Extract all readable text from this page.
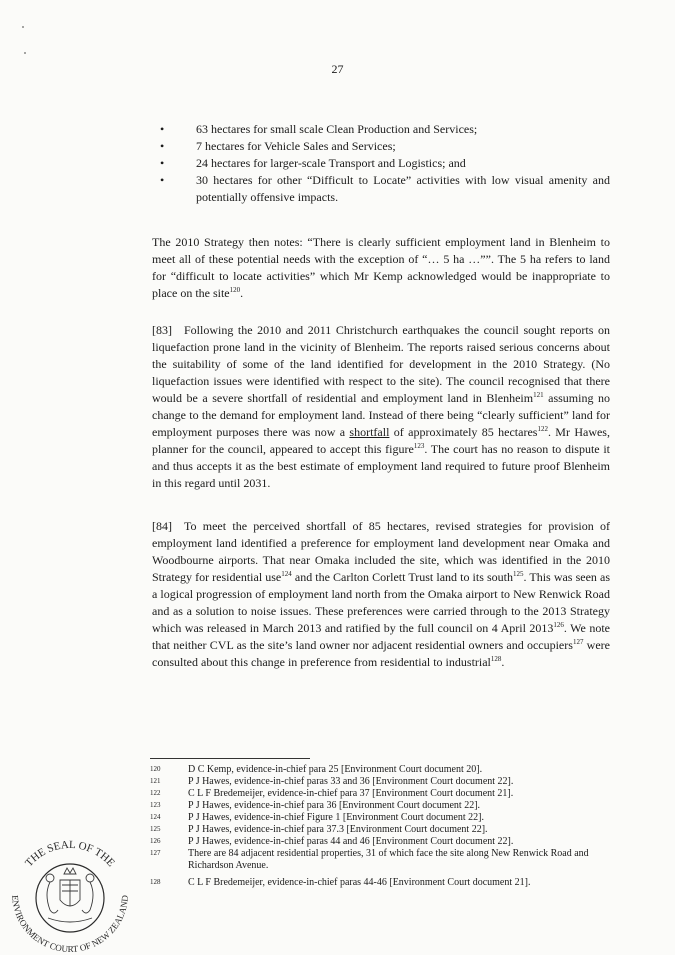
27
• 63 hectares for small scale Clean Production and Services;
• 7 hectares for Vehicle Sales and Services;
• 24 hectares for larger-scale Transport and Logistics; and
• 30 hectares for other “Difficult to Locate” activities with low visual amenity and potentially offensive impacts.

The 2010 Strategy then notes: “There is clearly sufficient employment land in Blenheim to meet all of these potential needs with the exception of “… 5 ha …””. The 5 ha refers to land for “difficult to locate activities” which Mr Kemp acknowledged would be inappropriate to place on the site$^{120}$.

[83] Following the 2010 and 2011 Christchurch earthquakes the council sought reports on liquefaction prone land in the vicinity of Blenheim. The reports raised serious concerns about the suitability of some of the land identified for development in the 2010 Strategy. (No liquefaction issues were identified with respect to the site). The council recognised that there would be a severe shortfall of residential and employment land in Blenheim$^{121}$ assuming no change to the demand for employment land. Instead of there being “clearly sufficient” land for employment purposes there was now a shortfall of approximately 85 hectares$^{122}$. Mr Hawes, planner for the council, appeared to accept this figure$^{123}$. The court has no reason to dispute it and thus accepts it as the best estimate of employment land required to future proof Blenheim in this regard until 2031.

[84] To meet the perceived shortfall of 85 hectares, revised strategies for provision of employment land identified a preference for employment land development near Omaka and Woodbourne airports. That near Omaka included the site, which was identified in the 2010 Strategy for residential use$^{124}$ and the Carlton Corlett Trust land to its south$^{125}$. This was seen as a logical progression of employment land north from the Omaka airport to New Renwick Road and as a solution to noise issues. These preferences were carried through to the 2013 Strategy which was released in March 2013 and ratified by the full council on 4 April 2013$^{126}$. We note that neither CVL as the site’s land owner nor adjacent residential owners and occupiers$^{127}$ were consulted about this change in preference from residential to industrial$^{128}$.

120	D C Kemp, evidence-in-chief para 25 [Environment Court document 20].
121	P J Hawes, evidence-in-chief paras 33 and 36 [Environment Court document 22].
122	C L F Bredemeijer, evidence-in-chief para 37 [Environment Court document 21].
123	P J Hawes, evidence-in-chief para 36 [Environment Court document 22].
124	P J Hawes, evidence-in-chief Figure 1 [Environment Court document 22].
125	P J Hawes, evidence-in-chief para 37.3 [Environment Court document 22].
126	P J Hawes, evidence-in-chief paras 44 and 46 [Environment Court document 22].
127	There are 84 adjacent residential properties, 31 of which face the site along New Renwick Road and Richardson Avenue.
128	C L F Bredemeijer, evidence-in-chief paras 44-46 [Environment Court document 21].
THE SEAL OF THE
ENVIRONMENT COURT OF NEW ZEALAND
